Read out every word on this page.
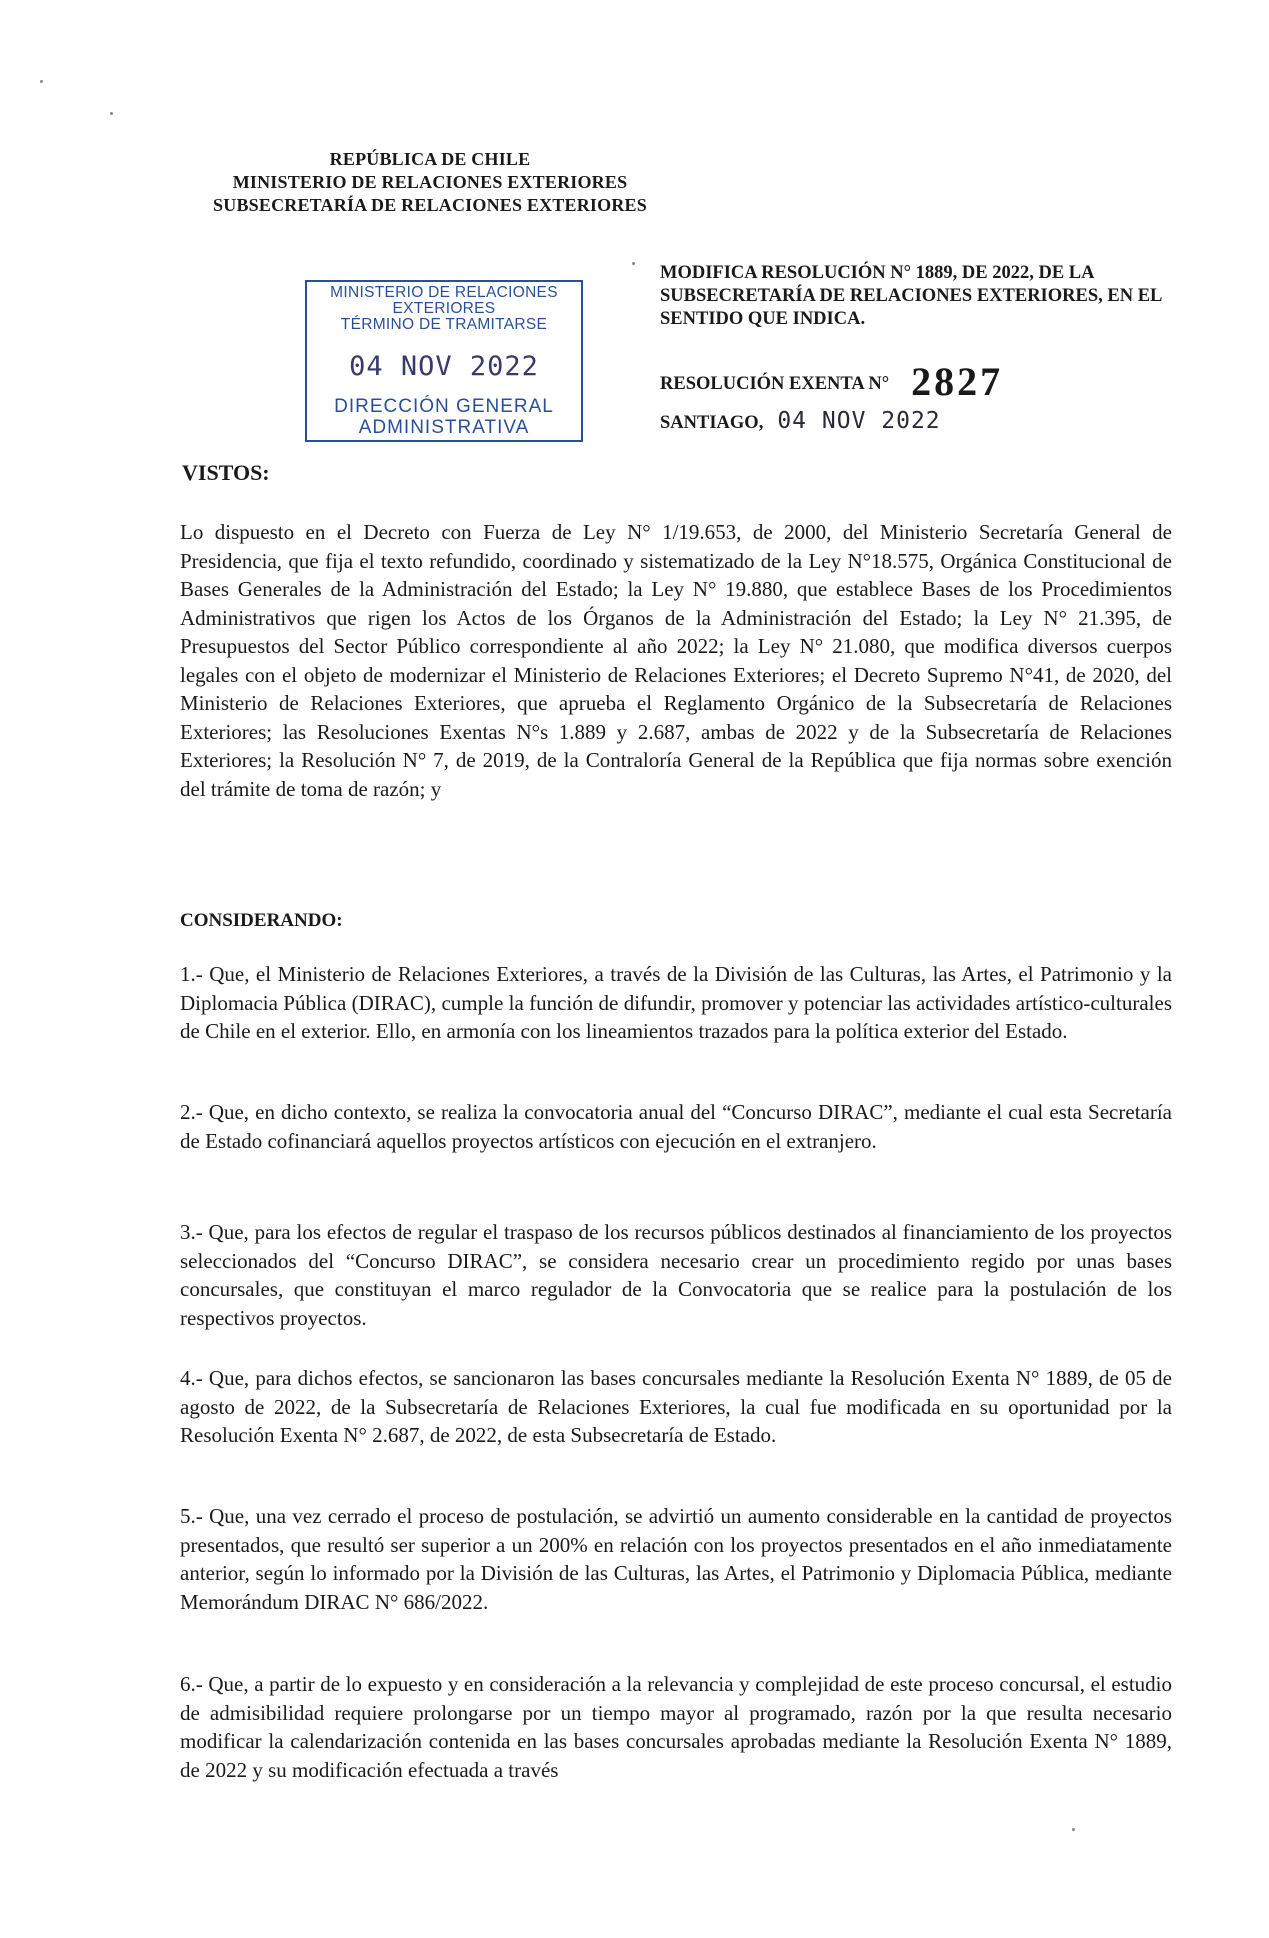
REPÚBLICA DE CHILE
MINISTERIO DE RELACIONES EXTERIORES
SUBSECRETARÍA DE RELACIONES EXTERIORES
MINISTERIO DE RELACIONES
EXTERIORES
TÉRMINO DE TRAMITARSE
04 NOV 2022
DIRECCIÓN GENERAL
ADMINISTRATIVA
MODIFICA RESOLUCIÓN N° 1889, DE 2022, DE LA SUBSECRETARÍA DE RELACIONES EXTERIORES, EN EL SENTIDO QUE INDICA.
RESOLUCIÓN EXENTA N° 2827
SANTIAGO, 04 NOV 2022
VISTOS:
Lo dispuesto en el Decreto con Fuerza de Ley N° 1/19.653, de 2000, del Ministerio Secretaría General de Presidencia, que fija el texto refundido, coordinado y sistematizado de la Ley N°18.575, Orgánica Constitucional de Bases Generales de la Administración del Estado; la Ley N° 19.880, que establece Bases de los Procedimientos Administrativos que rigen los Actos de los Órganos de la Administración del Estado; la Ley N° 21.395, de Presupuestos del Sector Público correspondiente al año 2022; la Ley N° 21.080, que modifica diversos cuerpos legales con el objeto de modernizar el Ministerio de Relaciones Exteriores; el Decreto Supremo N°41, de 2020, del Ministerio de Relaciones Exteriores, que aprueba el Reglamento Orgánico de la Subsecretaría de Relaciones Exteriores; las Resoluciones Exentas N°s 1.889 y 2.687, ambas de 2022 y de la Subsecretaría de Relaciones Exteriores; la Resolución N° 7, de 2019, de la Contraloría General de la República que fija normas sobre exención del trámite de toma de razón; y
CONSIDERANDO:
1.- Que, el Ministerio de Relaciones Exteriores, a través de la División de las Culturas, las Artes, el Patrimonio y la Diplomacia Pública (DIRAC), cumple la función de difundir, promover y potenciar las actividades artístico-culturales de Chile en el exterior. Ello, en armonía con los lineamientos trazados para la política exterior del Estado.
2.- Que, en dicho contexto, se realiza la convocatoria anual del “Concurso DIRAC”, mediante el cual esta Secretaría de Estado cofinanciará aquellos proyectos artísticos con ejecución en el extranjero.
3.- Que, para los efectos de regular el traspaso de los recursos públicos destinados al financiamiento de los proyectos seleccionados del “Concurso DIRAC”, se considera necesario crear un procedimiento regido por unas bases concursales, que constituyan el marco regulador de la Convocatoria que se realice para la postulación de los respectivos proyectos.
4.- Que, para dichos efectos, se sancionaron las bases concursales mediante la Resolución Exenta N° 1889, de 05 de agosto de 2022, de la Subsecretaría de Relaciones Exteriores, la cual fue modificada en su oportunidad por la Resolución Exenta N° 2.687, de 2022, de esta Subsecretaría de Estado.
5.- Que, una vez cerrado el proceso de postulación, se advirtió un aumento considerable en la cantidad de proyectos presentados, que resultó ser superior a un 200% en relación con los proyectos presentados en el año inmediatamente anterior, según lo informado por la División de las Culturas, las Artes, el Patrimonio y Diplomacia Pública, mediante Memorándum DIRAC N° 686/2022.
6.- Que, a partir de lo expuesto y en consideración a la relevancia y complejidad de este proceso concursal, el estudio de admisibilidad requiere prolongarse por un tiempo mayor al programado, razón por la que resulta necesario modificar la calendarización contenida en las bases concursales aprobadas mediante la Resolución Exenta N° 1889, de 2022 y su modificación efectuada a través
